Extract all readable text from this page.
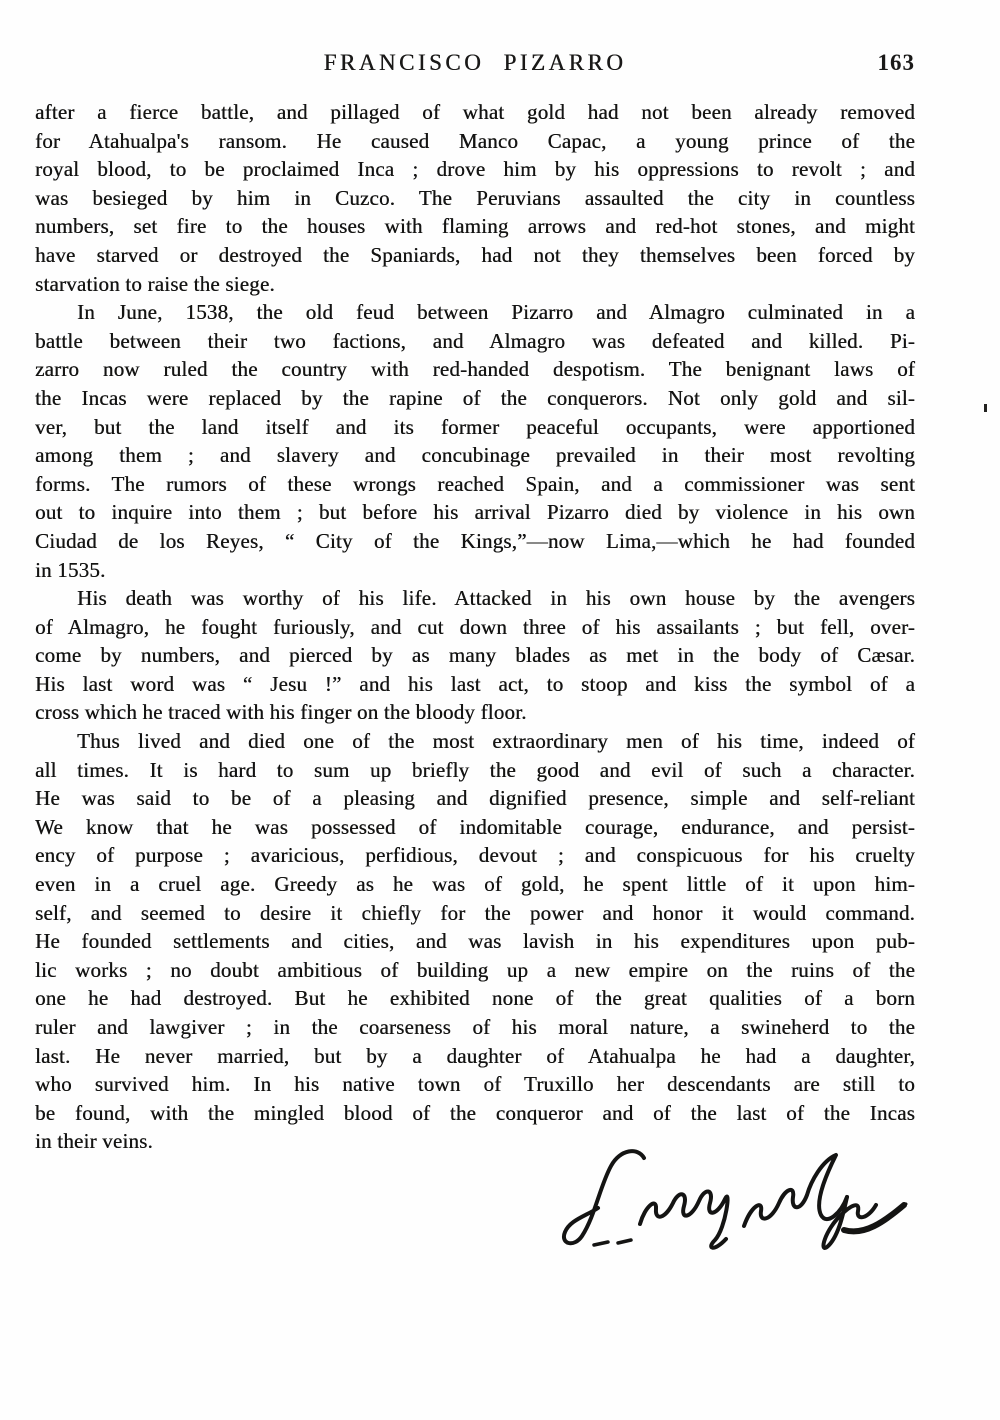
FRANCISCO PIZARRO	163
after a fierce battle, and pillaged of what gold had not been already removed
for Atahualpa's ransom. He caused Manco Capac, a young prince of the
royal blood, to be proclaimed Inca ; drove him by his oppressions to revolt ; and
was besieged by him in Cuzco. The Peruvians assaulted the city in countless
numbers, set fire to the houses with flaming arrows and red-hot stones, and might
have starved or destroyed the Spaniards, had not they themselves been forced by
starvation to raise the siege.
In June, 1538, the old feud between Pizarro and Almagro culminated in a
battle between their two factions, and Almagro was defeated and killed. Pi-
zarro now ruled the country with red-handed despotism. The benignant laws of
the Incas were replaced by the rapine of the conquerors. Not only gold and sil-
ver, but the land itself and its former peaceful occupants, were apportioned
among them ; and slavery and concubinage prevailed in their most revolting
forms. The rumors of these wrongs reached Spain, and a commissioner was sent
out to inquire into them ; but before his arrival Pizarro died by violence in his own
Ciudad de los Reyes, “ City of the Kings,”—now Lima,—which he had founded
in 1535.
His death was worthy of his life. Attacked in his own house by the avengers
of Almagro, he fought furiously, and cut down three of his assailants ; but fell, over-
come by numbers, and pierced by as many blades as met in the body of Cæsar.
His last word was “ Jesu !” and his last act, to stoop and kiss the symbol of a
cross which he traced with his finger on the bloody floor.
Thus lived and died one of the most extraordinary men of his time, indeed of
all times. It is hard to sum up briefly the good and evil of such a character.
He was said to be of a pleasing and dignified presence, simple and self-reliant
We know that he was possessed of indomitable courage, endurance, and persist-
ency of purpose ; avaricious, perfidious, devout ; and conspicuous for his cruelty
even in a cruel age. Greedy as he was of gold, he spent little of it upon him-
self, and seemed to desire it chiefly for the power and honor it would command.
He founded settlements and cities, and was lavish in his expenditures upon pub-
lic works ; no doubt ambitious of building up a new empire on the ruins of the
one he had destroyed. But he exhibited none of the great qualities of a born
ruler and lawgiver ; in the coarseness of his moral nature, a swineherd to the
last. He never married, but by a daughter of Atahualpa he had a daughter,
who survived him. In his native town of Truxillo her descendants are still to
be found, with the mingled blood of the conqueror and of the last of the Incas
in their veins.
